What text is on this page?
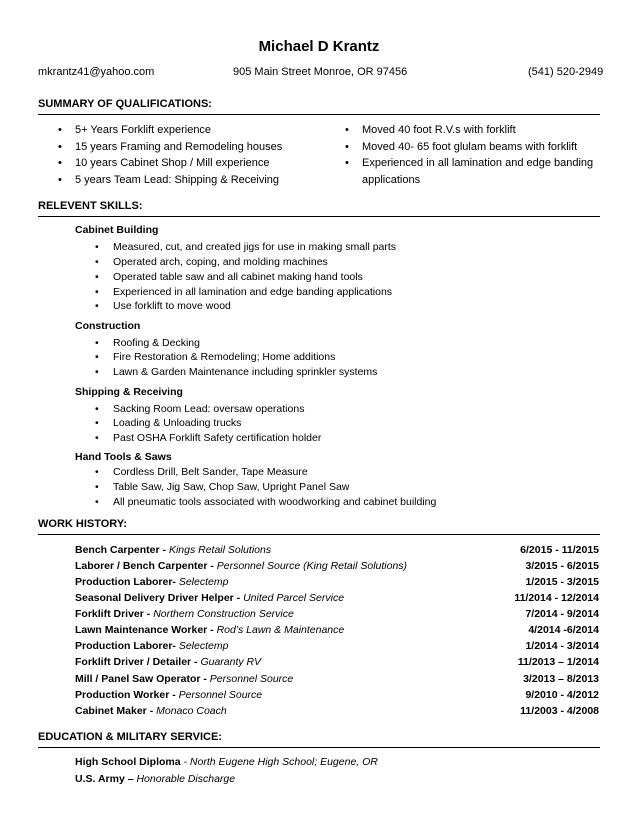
Michael D Krantz
mkrantz41@yahoo.com	905 Main Street Monroe, OR 97456	(541) 520-2949
SUMMARY OF QUALIFICATIONS:
• 5+ Years Forklift experience
• 15 years Framing and Remodeling houses
• 10 years Cabinet Shop / Mill experience
• 5 years Team Lead: Shipping & Receiving
• Moved 40 foot R.V.s with forklift
• Moved 40- 65 foot glulam beams with forklift
• Experienced in all lamination and edge banding
applications
RELEVENT SKILLS:
Cabinet Building
• Measured, cut, and created jigs for use in making small parts
• Operated arch, coping, and molding machines
• Operated table saw and all cabinet making hand tools
• Experienced in all lamination and edge banding applications
• Use forklift to move wood
Construction
• Roofing & Decking
• Fire Restoration & Remodeling; Home additions
• Lawn & Garden Maintenance including sprinkler systems
Shipping & Receiving
• Sacking Room Lead: oversaw operations
• Loading & Unloading trucks
• Past OSHA Forklift Safety certification holder
Hand Tools & Saws
• Cordless Drill, Belt Sander, Tape Measure
• Table Saw, Jig Saw, Chop Saw, Upright Panel Saw
• All pneumatic tools associated with woodworking and cabinet building
WORK HISTORY:
Bench Carpenter - Kings Retail Solutions	6/2015 - 11/2015
Laborer / Bench Carpenter - Personnel Source (King Retail Solutions)	3/2015 - 6/2015
Production Laborer- Selectemp	1/2015 - 3/2015
Seasonal Delivery Driver Helper - United Parcel Service	11/2014 - 12/2014
Forklift Driver - Northern Construction Service	7/2014 - 9/2014
Lawn Maintenance Worker - Rod’s Lawn & Maintenance	4/2014 -6/2014
Production Laborer- Selectemp	1/2014 - 3/2014
Forklift Driver / Detailer - Guaranty RV	11/2013 – 1/2014
Mill / Panel Saw Operator - Personnel Source	3/2013 – 8/2013
Production Worker - Personnel Source	9/2010 - 4/2012
Cabinet Maker - Monaco Coach	11/2003 - 4/2008
EDUCATION & MILITARY SERVICE:
High School Diploma - North Eugene High School; Eugene, OR
U.S. Army – Honorable Discharge
